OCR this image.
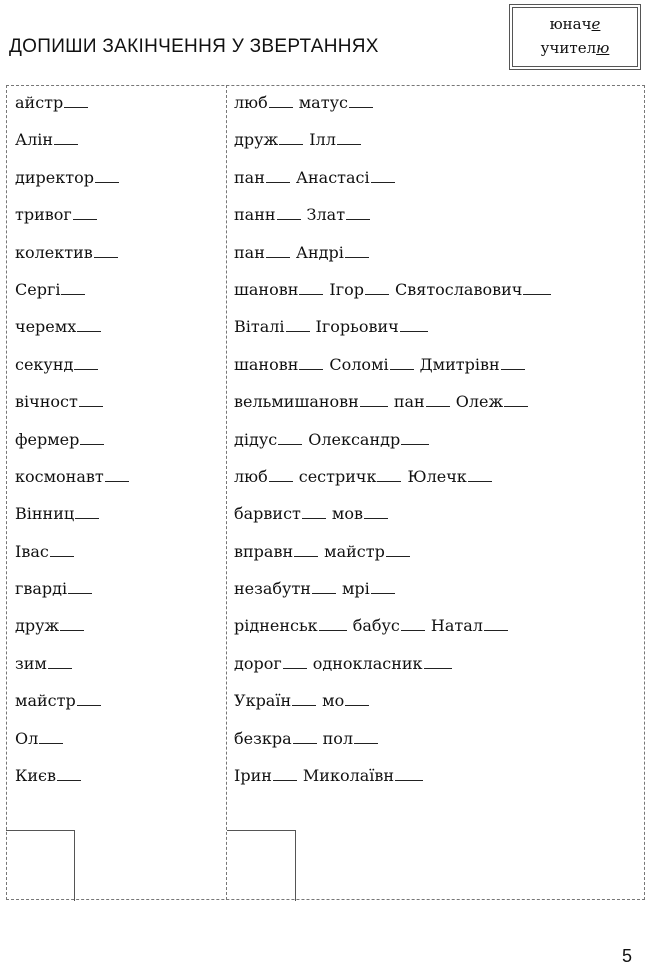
ДОПИШИ ЗАКІНЧЕННЯ У ЗВЕРТАННЯХ
юначе
учителю
айстр
Алін
директор
тривог
колектив
Сергі
черемх
секунд
вічност
фермер
космонавт
Вінниц
Івас
гварді
друж
зим
майстр
Ол
Києв
люб матус
друж Ілл
пан Анастасі
панн Злат
пан Андрі
шановн Ігор Святославович
Віталі Ігорьович
шановн Соломі Дмитрівн
вельмишановн пан Олеж
дідус Олександр
люб сестричк Юлечк
барвист мов
вправн майстр
незабутн мрі
рідненськ бабус Натал
дорог однокласник
Україн мо
безкра пол
Ірин Миколаївн
5
